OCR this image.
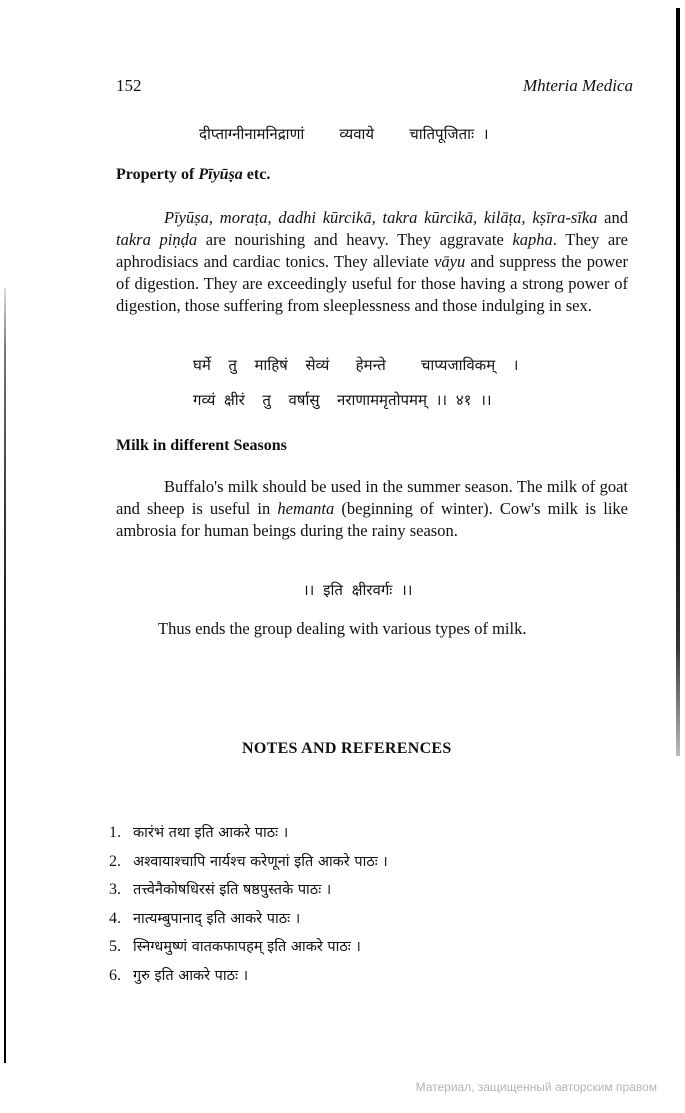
152	Mhteria Medica
दीप्ताग्नीनामनिद्राणां    व्यवाये    चातिपूजिताः ।
Property of Pīyūṣa etc.
Pīyūṣa, moraṭa, dadhi kūrcikā, takra kūrcikā, kilāṭa, kṣīra-sīka and takra piṇḍa are nourishing and heavy. They aggravate kapha. They are aphrodisiacs and cardiac tonics. They alleviate vāyu and suppress the power of digestion. They are exceedingly useful for those having a strong power of digestion, those suffering from sleeplessness and those indulging in sex.
घर्मे  तु  माहिषं  सेव्यं   हेमन्ते    चाप्यजाविकम्  ।
गव्यं क्षीरं  तु  वर्षासु  नराणाममृतोपमम् ।। ४१ ।।
Milk in different Seasons
Buffalo's milk should be used in the summer season. The milk of goat and sheep is useful in hemanta (beginning of winter). Cow's milk is like ambrosia for human beings during the rainy season.
।। इति क्षीरवर्गः ।।
Thus ends the group dealing with various types of milk.
NOTES AND REFERENCES
1. कारंभं तथा इति आकरे पाठः ।
2. अश्वायाश्चापि नार्यश्च करेणूनां इति आकरे पाठः ।
3. तत्त्वेनैकोषधिरसं इति षष्ठपुस्तके पाठः ।
4. नात्यम्बुपानाद् इति आकरे पाठः ।
5. स्निग्धमुष्णं वातकफापहम् इति आकरे पाठः ।
6. गुरु इति आकरे पाठः ।
Материал, защищенный авторским правом
